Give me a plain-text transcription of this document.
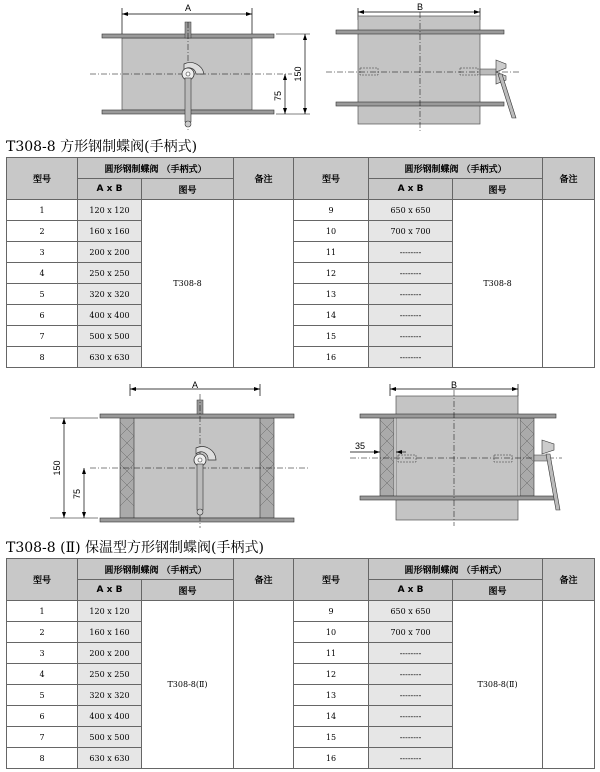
A
150
75
B
T308-8 方形钢制蝶阀(手柄式)
型号	圆形钢制蝶阀 （手柄式）		备注	型号	圆形钢制蝶阀 （手柄式）		备注
	A x B	图号			A x B	图号	
1	120 x 120	T308-8		9	650 x 650	T308-8	
2	160 x 160			10	700 x 700		
3	200 x 200			11	--------		
4	250 x 250			12	--------		
5	320 x 320			13	--------		
6	400 x 400			14	--------		
7	500 x 500			15	--------		
8	630 x 630			16	--------		
A
150
75
B
35
T308-8 (Ⅱ) 保温型方形钢制蝶阀(手柄式)
型号	圆形钢制蝶阀 （手柄式）		备注	型号	圆形钢制蝶阀 （手柄式）		备注
	A x B	图号			A x B	图号	
1	120 x 120	T308-8(Ⅱ)		9	650 x 650	T308-8(Ⅱ)	
2	160 x 160			10	700 x 700		
3	200 x 200			11	--------		
4	250 x 250			12	--------		
5	320 x 320			13	--------		
6	400 x 400			14	--------		
7	500 x 500			15	--------		
8	630 x 630			16	--------		
